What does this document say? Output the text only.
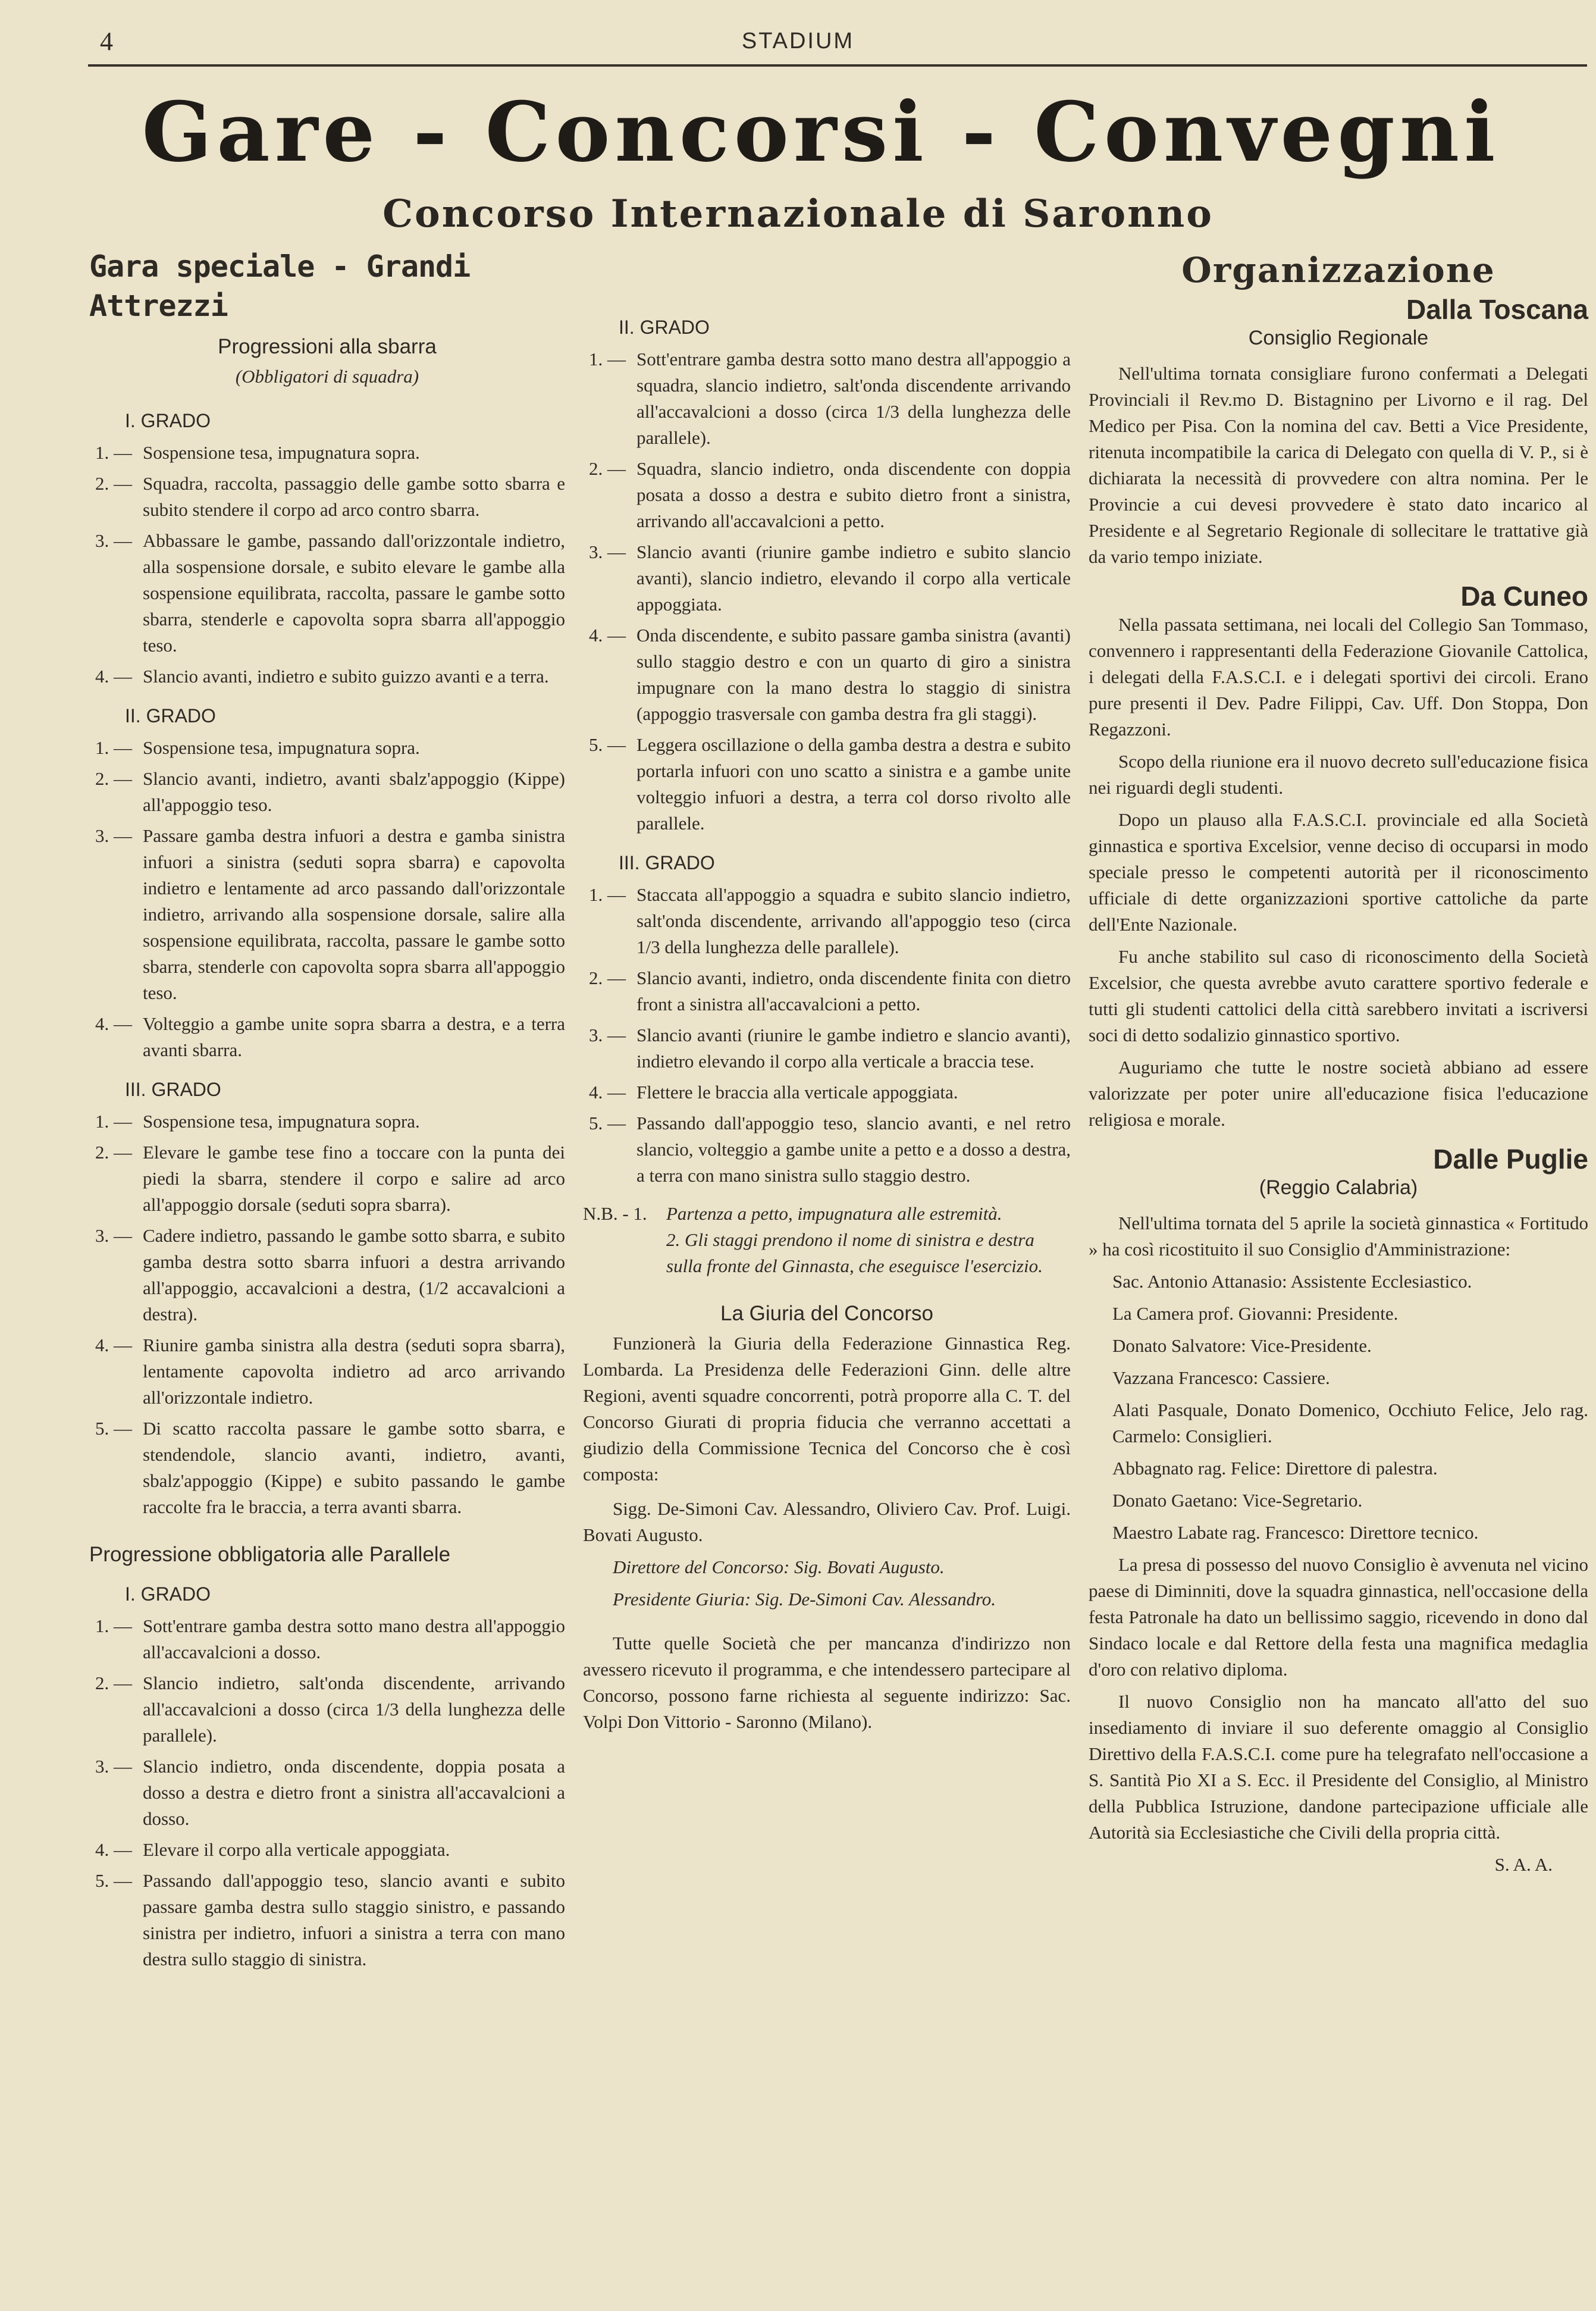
4	STADIUM
Gare - Concorsi - Convegni
Concorso Internazionale di Saronno
Gara speciale - Grandi Attrezzi
Progressioni alla sbarra
(Obbligatori di squadra)
I. GRADO
1. — Sospensione tesa, impugnatura sopra.
2. — Squadra, raccolta, passaggio delle gambe sotto sbarra e subito stendere il corpo ad arco contro sbarra.
3. — Abbassare le gambe, passando dall'orizzontale indietro, alla sospensione dorsale, e subito elevare le gambe alla sospensione equilibrata, raccolta, passare le gambe sotto sbarra, stenderle e capovolta sopra sbarra all'appoggio teso.
4. — Slancio avanti, indietro e subito guizzo avanti e a terra.
II. GRADO
1. — Sospensione tesa, impugnatura sopra.
2. — Slancio avanti, indietro, avanti sbalz'appoggio (Kippe) all'appoggio teso.
3. — Passare gamba destra infuori a destra e gamba sinistra infuori a sinistra (seduti sopra sbarra) e capovolta indietro e lentamente ad arco passando dall'orizzontale indietro, arrivando alla sospensione dorsale, salire alla sospensione equilibrata, raccolta, passare le gambe sotto sbarra, stenderle con capovolta sopra sbarra all'appoggio teso.
4. — Volteggio a gambe unite sopra sbarra a destra, e a terra avanti sbarra.
III. GRADO
1. — Sospensione tesa, impugnatura sopra.
2. — Elevare le gambe tese fino a toccare con la punta dei piedi la sbarra, stendere il corpo e salire ad arco all'appoggio dorsale (seduti sopra sbarra).
3. — Cadere indietro, passando le gambe sotto sbarra, e subito gamba destra sotto sbarra infuori a destra arrivando all'appoggio, accavalcioni a destra, (1/2 accavalcioni a destra).
4. — Riunire gamba sinistra alla destra (seduti sopra sbarra), lentamente capovolta indietro ad arco arrivando all'orizzontale indietro.
5. — Di scatto raccolta passare le gambe sotto sbarra, e stendendole, slancio avanti, indietro, avanti, sbalz'appoggio (Kippe) e subito passando le gambe raccolte fra le braccia, a terra avanti sbarra.
Progressione obbligatoria alle Parallele
I. GRADO
1. — Sott'entrare gamba destra sotto mano destra all'appoggio all'accavalcioni a dosso.
2. — Slancio indietro, salt'onda discendente, arrivando all'accavalcioni a dosso (circa 1/3 della lunghezza delle parallele).
3. — Slancio indietro, onda discendente, doppia posata a dosso a destra e dietro front a sinistra all'accavalcioni a dosso.
4. — Elevare il corpo alla verticale appoggiata.
5. — Passando dall'appoggio teso, slancio avanti e subito passare gamba destra sullo staggio sinistro, e passando sinistra per indietro, infuori a sinistra a terra con mano destra sullo staggio di sinistra.
II. GRADO
1. — Sott'entrare gamba destra sotto mano destra all'appoggio a squadra, slancio indietro, salt'onda discendente arrivando all'accavalcioni a dosso (circa 1/3 della lunghezza delle parallele).
2. — Squadra, slancio indietro, onda discendente con doppia posata a dosso a destra e subito dietro front a sinistra, arrivando all'accavalcioni a petto.
3. — Slancio avanti (riunire gambe indietro e subito slancio avanti), slancio indietro, elevando il corpo alla verticale appoggiata.
4. — Onda discendente, e subito passare gamba sinistra (avanti) sullo staggio destro e con un quarto di giro a sinistra impugnare con la mano destra lo staggio di sinistra (appoggio trasversale con gamba destra fra gli staggi).
5. — Leggera oscillazione o della gamba destra a destra e subito portarla infuori con uno scatto a sinistra e a gambe unite volteggio infuori a destra, a terra col dorso rivolto alle parallele.
III. GRADO
1. — Staccata all'appoggio a squadra e subito slancio indietro, salt'onda discendente, arrivando all'appoggio teso (circa 1/3 della lunghezza delle parallele).
2. — Slancio avanti, indietro, onda discendente finita con dietro front a sinistra all'accavalcioni a petto.
3. — Slancio avanti (riunire le gambe indietro e slancio avanti), indietro elevando il corpo alla verticale a braccia tese.
4. — Flettere le braccia alla verticale appoggiata.
5. — Passando dall'appoggio teso, slancio avanti, e nel retro slancio, volteggio a gambe unite a petto e a dosso a destra, a terra con mano sinistra sullo staggio destro.
N.B. - 1.	Partenza a petto, impugnatura alle estremità.
2. Gli staggi prendono il nome di sinistra e destra sulla fronte del Ginnasta, che eseguisce l'esercizio.
La Giuria del Concorso

Funzionerà la Giuria della Federazione Ginnastica Reg. Lombarda. La Presidenza delle Federazioni Ginn. delle altre Regioni, aventi squadre concorrenti, potrà proporre alla C. T. del Concorso Giurati di propria fiducia che verranno accettati a giudizio della Commissione Tecnica del Concorso che è così composta:

Sigg. De-Simoni Cav. Alessandro, Oliviero Cav. Prof. Luigi. Bovati Augusto.

Direttore del Concorso: Sig. Bovati Augusto.

Presidente Giuria: Sig. De-Simoni Cav. Alessandro.

Tutte quelle Società che per mancanza d'indirizzo non avessero ricevuto il programma, e che intendessero partecipare al Concorso, possono farne richiesta al seguente indirizzo: Sac. Volpi Don Vittorio - Saronno (Milano).

Organizzazione
Dalla Toscana
Consiglio Regionale

Nell'ultima tornata consigliare furono confermati a Delegati Provinciali il Rev.mo D. Bistagnino per Livorno e il rag. Del Medico per Pisa. Con la nomina del cav. Betti a Vice Presidente, ritenuta incompatibile la carica di Delegato con quella di V. P., si è dichiarata la necessità di provvedere con altra nomina. Per le Provincie a cui devesi provvedere è stato dato incarico al Presidente e al Segretario Regionale di sollecitare le trattative già da vario tempo iniziate.

Da Cuneo

Nella passata settimana, nei locali del Collegio San Tommaso, convennero i rappresentanti della Federazione Giovanile Cattolica, i delegati della F.A.S.C.I. e i delegati sportivi dei circoli. Erano pure presenti il Dev. Padre Filippi, Cav. Uff. Don Stoppa, Don Regazzoni.

Scopo della riunione era il nuovo decreto sull'educazione fisica nei riguardi degli studenti.

Dopo un plauso alla F.A.S.C.I. provinciale ed alla Società ginnastica e sportiva Excelsior, venne deciso di occuparsi in modo speciale presso le competenti autorità per il riconoscimento ufficiale di dette organizzazioni sportive cattoliche da parte dell'Ente Nazionale.

Fu anche stabilito sul caso di riconoscimento della Società Excelsior, che questa avrebbe avuto carattere sportivo federale e tutti gli studenti cattolici della città sarebbero invitati a iscriversi soci di detto sodalizio ginnastico sportivo.

Auguriamo che tutte le nostre società abbiano ad essere valorizzate per poter unire all'educazione fisica l'educazione religiosa e morale.

Dalle Puglie
(Reggio Calabria)

Nell'ultima tornata del 5 aprile la società ginnastica « Fortitudo » ha così ricostituito il suo Consiglio d'Amministrazione:

Sac. Antonio Attanasio: Assistente Ecclesiastico.

La Camera prof. Giovanni: Presidente.

Donato Salvatore: Vice-Presidente.

Vazzana Francesco: Cassiere.

Alati Pasquale, Donato Domenico, Occhiuto Felice, Jelo rag. Carmelo: Consiglieri.

Abbagnato rag. Felice: Direttore di palestra.

Donato Gaetano: Vice-Segretario.

Maestro Labate rag. Francesco: Direttore tecnico.

La presa di possesso del nuovo Consiglio è avvenuta nel vicino paese di Diminniti, dove la squadra ginnastica, nell'occasione della festa Patronale ha dato un bellissimo saggio, ricevendo in dono dal Sindaco locale e dal Rettore della festa una magnifica medaglia d'oro con relativo diploma.

Il nuovo Consiglio non ha mancato all'atto del suo insediamento di inviare il suo deferente omaggio al Consiglio Direttivo della F.A.S.C.I. come pure ha telegrafato nell'occasione a S. Santità Pio XI a S. Ecc. il Presidente del Consiglio, al Ministro della Pubblica Istruzione, dandone partecipazione ufficiale alle Autorità sia Ecclesiastiche che Civili della propria città.

S. A. A.
